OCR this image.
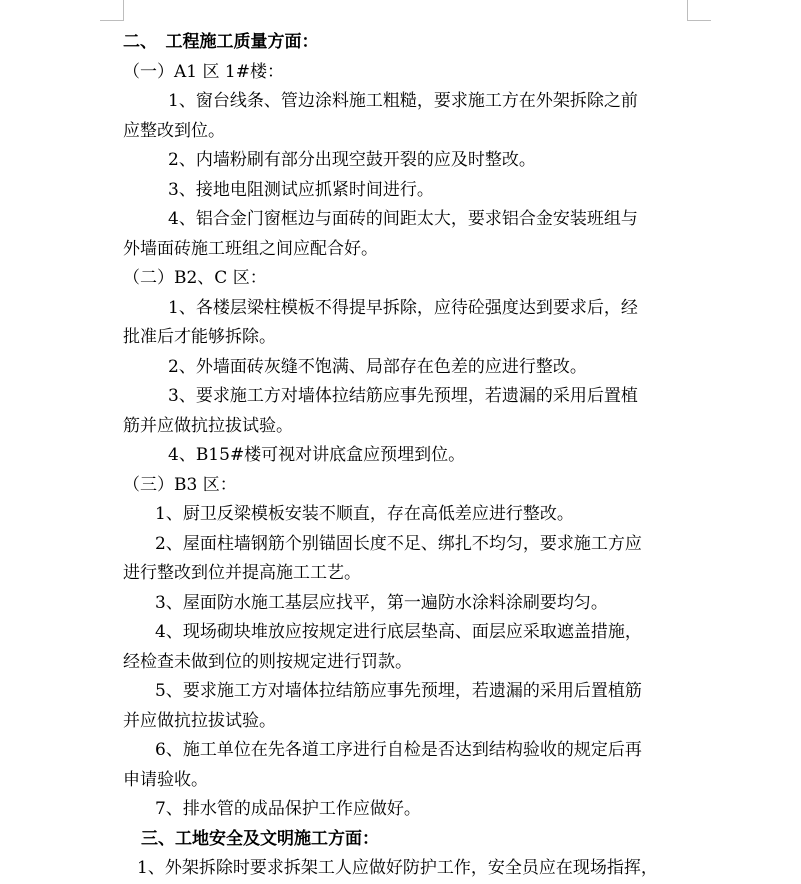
二、　工程施工质量方面：

（一）A1 区 1#楼：

1、窗台线条、管边涂料施工粗糙，要求施工方在外架拆除之前

应整改到位。

2、内墙粉刷有部分出现空鼓开裂的应及时整改。

3、接地电阻测试应抓紧时间进行。

4、铝合金门窗框边与面砖的间距太大，要求铝合金安装班组与

外墙面砖施工班组之间应配合好。

（二）B2、C 区：

1、各楼层梁柱模板不得提早拆除，应待砼强度达到要求后，经

批准后才能够拆除。

2、外墙面砖灰缝不饱满、局部存在色差的应进行整改。

3、要求施工方对墙体拉结筋应事先预埋，若遗漏的采用后置植

筋并应做抗拉拔试验。

4、B15#楼可视对讲底盒应预埋到位。

（三）B3 区：

1、厨卫反梁模板安装不顺直，存在高低差应进行整改。

2、屋面柱墙钢筋个别锚固长度不足、绑扎不均匀，要求施工方应

进行整改到位并提高施工工艺。

3、屋面防水施工基层应找平，第一遍防水涂料涂刷要均匀。

4、现场砌块堆放应按规定进行底层垫高、面层应采取遮盖措施，

经检查未做到位的则按规定进行罚款。

5、要求施工方对墙体拉结筋应事先预埋，若遗漏的采用后置植筋

并应做抗拉拔试验。

6、施工单位在先各道工序进行自检是否达到结构验收的规定后再

申请验收。

7、排水管的成品保护工作应做好。

三、工地安全及文明施工方面：

1、外架拆除时要求拆架工人应做好防护工作，安全员应在现场指挥，
